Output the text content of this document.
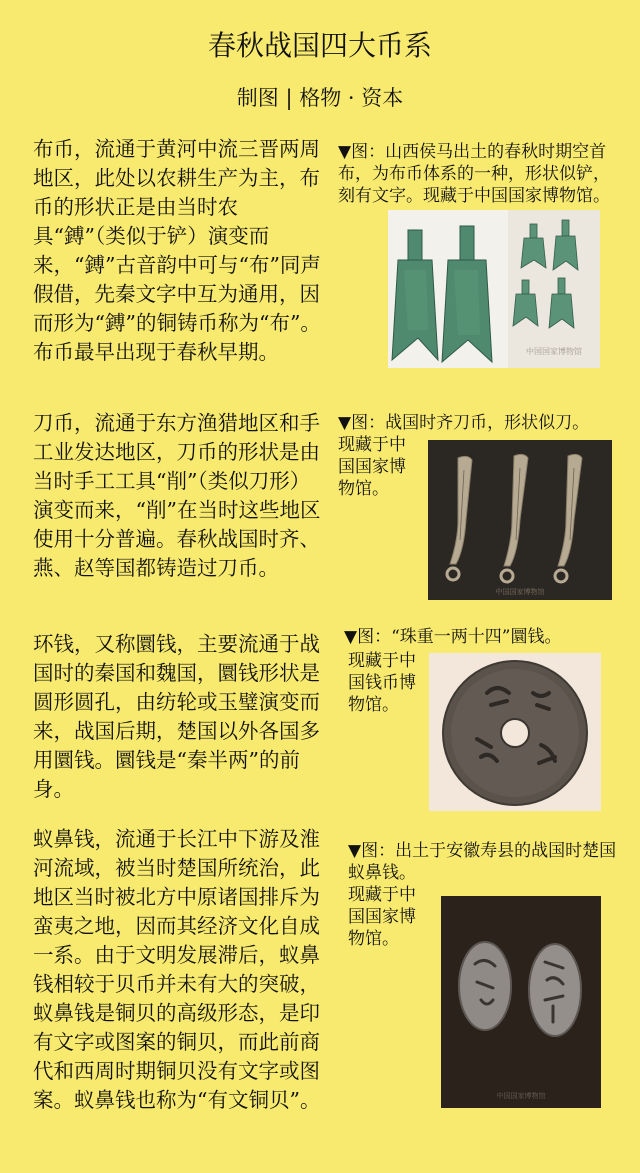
春秋战国四大币系
制图 | 格物 · 资本
布币，流通于黄河中流三晋两周地区，此处以农耕生产为主，布币的形状正是由当时农具“鎛”（类似于铲）演变而来，“鎛”古音韵中可与“布”同声假借，先秦文字中互为通用，因而形为“鎛”的铜铸币称为“布”。布币最早出现于春秋早期。
▼图：山西侯马出土的春秋时期空首布，为布币体系的一种，形状似铲，刻有文字。现藏于中国国家博物馆。
中国国家博物馆
刀币，流通于东方渔猎地区和手工业发达地区，刀币的形状是由当时手工工具“削”（类似刀形）演变而来，“削”在当时这些地区使用十分普遍。春秋战国时齐、燕、赵等国都铸造过刀币。
▼图：战国时齐刀币，形状似刀。
现藏于中国国家博物馆。
中国国家博物馆
环钱，又称圜钱，主要流通于战国时的秦国和魏国，圜钱形状是圆形圆孔，由纺轮或玉璧演变而来，战国后期，楚国以外各国多用圜钱。圜钱是“秦半两”的前身。
▼图：“珠重一两十四”圜钱。
现藏于中国钱币博物馆。
蚁鼻钱，流通于长江中下游及淮河流域，被当时楚国所统治，此地区当时被北方中原诸国排斥为蛮夷之地，因而其经济文化自成一系。由于文明发展滞后，蚁鼻钱相较于贝币并未有大的突破，蚁鼻钱是铜贝的高级形态，是印有文字或图案的铜贝，而此前商代和西周时期铜贝没有文字或图案。蚁鼻钱也称为“有文铜贝”。
▼图：出土于安徽寿县的战国时楚国蚁鼻钱。
现藏于中国国家博物馆。
中国国家博物馆
